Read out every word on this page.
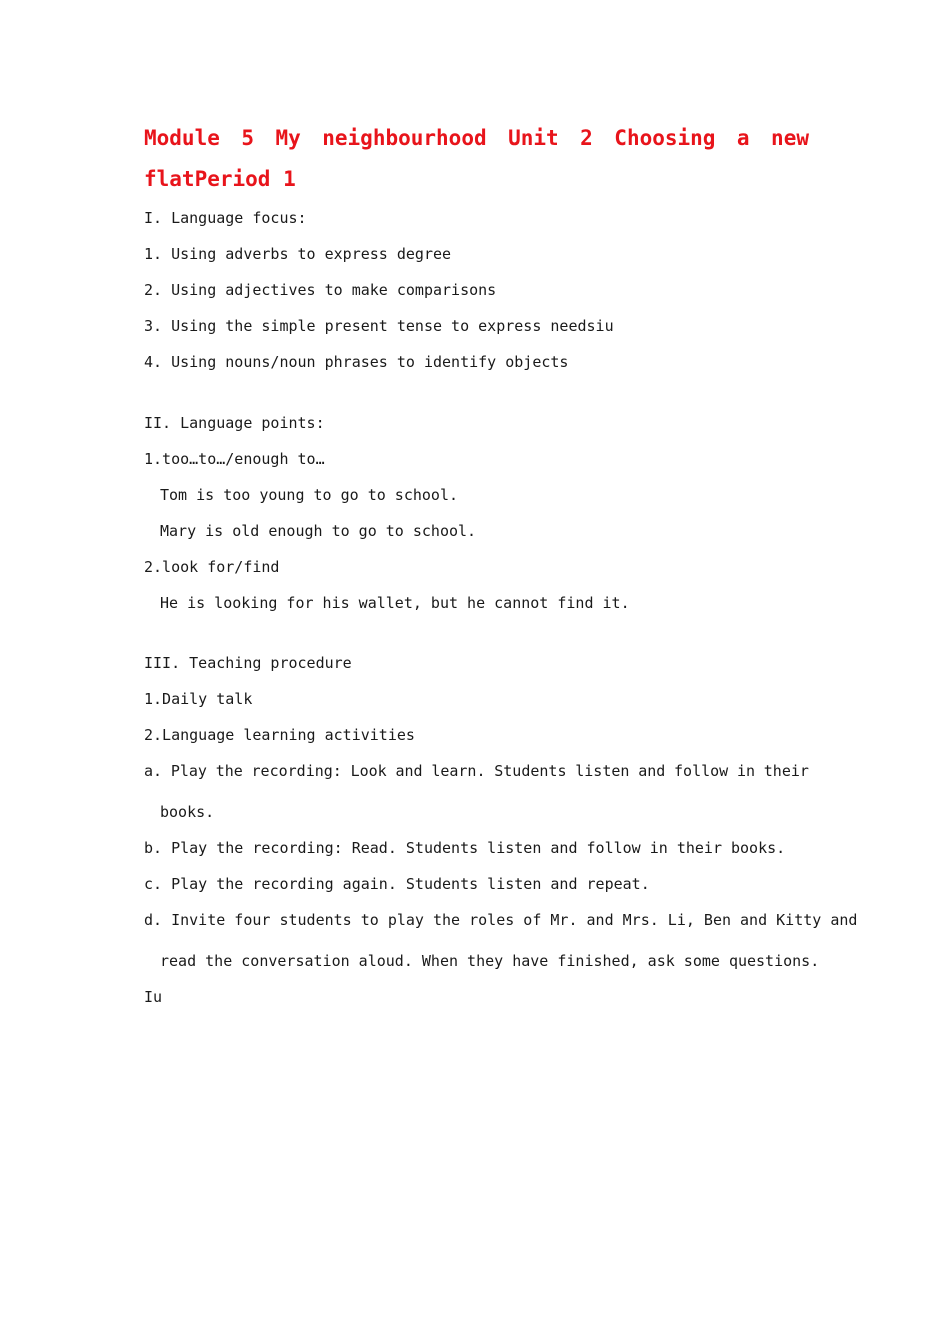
Module 5 My neighbourhood Unit 2 Choosing a new flatPeriod 1

I. Language focus:

1. Using adverbs to express degree

2. Using adjectives to make comparisons

3. Using the simple present tense to express needsiu

4. Using nouns/noun phrases to identify objects

II. Language points:

1.too…to…/enough to…

Tom is too young to go to school.

Mary is old enough to go to school.

2.look for/find

He is looking for his wallet, but he cannot find it.

III. Teaching procedure

1.Daily talk

2.Language learning activities

a. Play the recording: Look and learn. Students listen and follow in their

books.

b. Play the recording: Read. Students listen and follow in their books.

c. Play the recording again. Students listen and repeat.

d. Invite four students to play the roles of Mr. and Mrs. Li, Ben and Kitty and

read the conversation aloud. When they have finished, ask some questions.

Iu
